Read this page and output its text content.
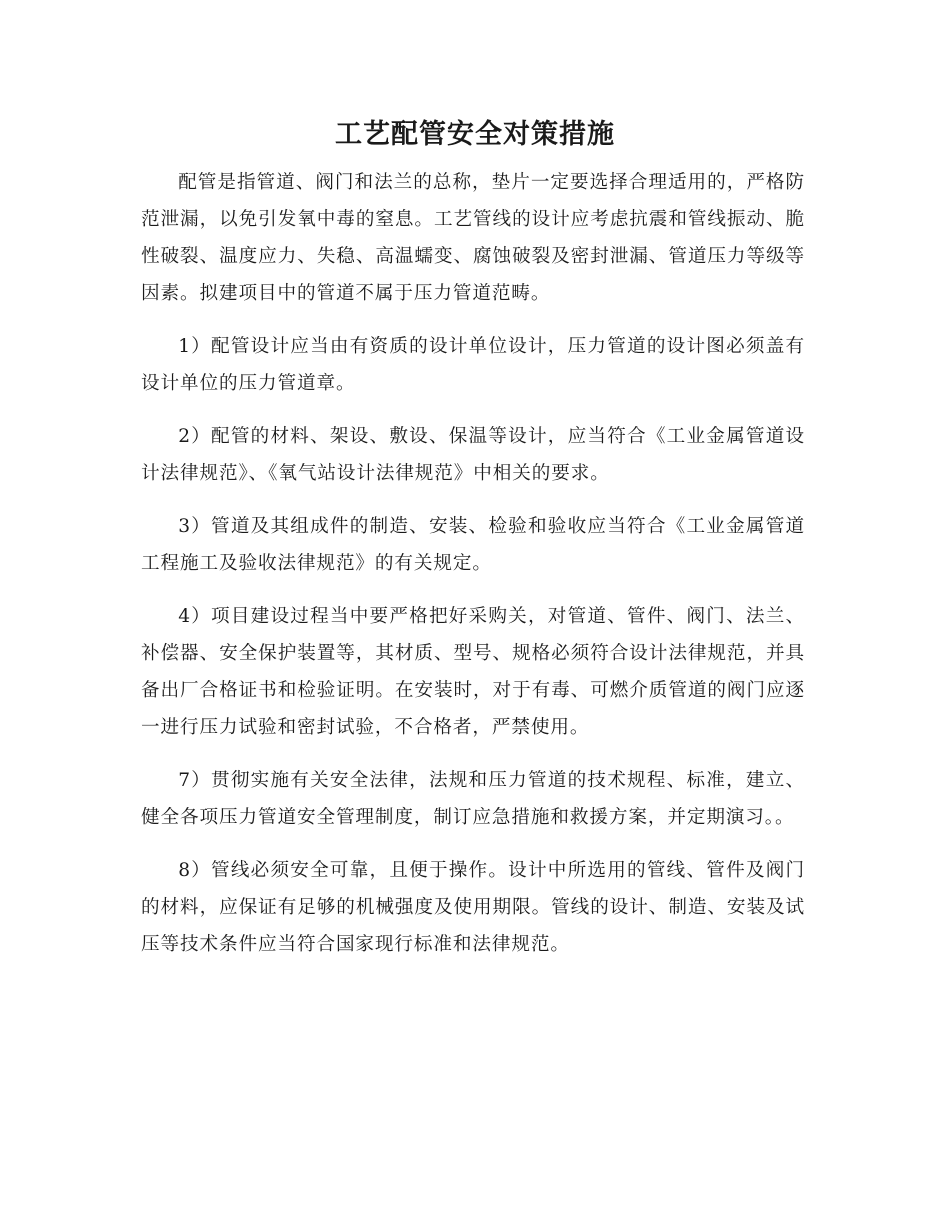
工艺配管安全对策措施

配管是指管道、阀门和法兰的总称，垫片一定要选择合理适用的，严格防范泄漏，以免引发氧中毒的窒息。工艺管线的设计应考虑抗震和管线振动、脆性破裂、温度应力、失稳、高温蠕变、腐蚀破裂及密封泄漏、管道压力等级等因素。拟建项目中的管道不属于压力管道范畴。

1）配管设计应当由有资质的设计单位设计，压力管道的设计图必须盖有设计单位的压力管道章。

2）配管的材料、架设、敷设、保温等设计，应当符合《工业金属管道设计法律规范》、《氧气站设计法律规范》中相关的要求。

3）管道及其组成件的制造、安装、检验和验收应当符合《工业金属管道工程施工及验收法律规范》的有关规定。

4）项目建设过程当中要严格把好采购关，对管道、管件、阀门、法兰、补偿器、安全保护装置等，其材质、型号、规格必须符合设计法律规范，并具备出厂合格证书和检验证明。在安装时，对于有毒、可燃介质管道的阀门应逐一进行压力试验和密封试验，不合格者，严禁使用。

7）贯彻实施有关安全法律，法规和压力管道的技术规程、标准，建立、健全各项压力管道安全管理制度，制订应急措施和救援方案，并定期演习。。

8）管线必须安全可靠，且便于操作。设计中所选用的管线、管件及阀门的材料，应保证有足够的机械强度及使用期限。管线的设计、制造、安装及试压等技术条件应当符合国家现行标准和法律规范。
